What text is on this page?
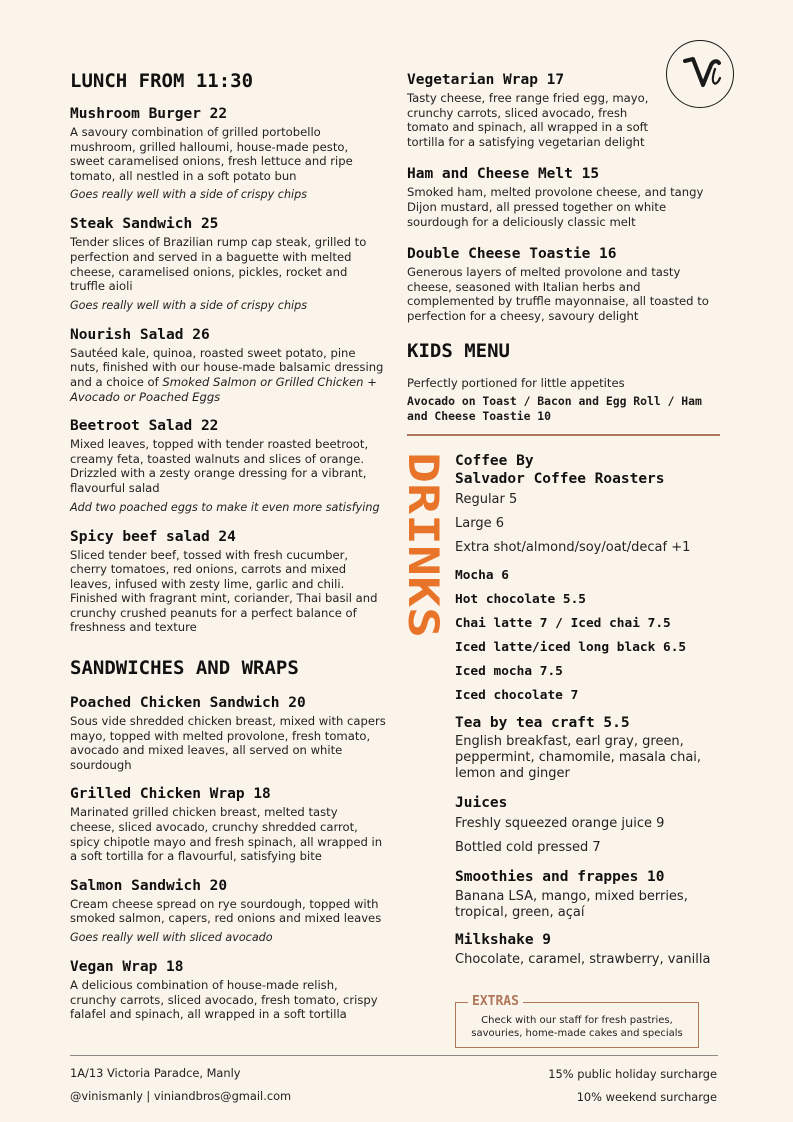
LUNCH FROM 11:30
Mushroom Burger 22
A savoury combination of grilled portobello mushroom, grilled halloumi, house-made pesto, sweet caramelised onions, fresh lettuce and ripe tomato, all nestled in a soft potato bun
Goes really well with a side of crispy chips
Steak Sandwich 25
Tender slices of Brazilian rump cap steak, grilled to perfection and served in a baguette with melted cheese, caramelised onions, pickles, rocket and truffle aioli
Goes really well with a side of crispy chips
Nourish Salad 26
Sautéed kale, quinoa, roasted sweet potato, pine nuts, finished with our house-made balsamic dressing and a choice of Smoked Salmon or Grilled Chicken + Avocado or Poached Eggs
Beetroot Salad 22
Mixed leaves, topped with tender roasted beetroot, creamy feta, toasted walnuts and slices of orange. Drizzled with a zesty orange dressing for a vibrant, flavourful salad
Add two poached eggs to make it even more satisfying
Spicy beef salad 24
Sliced tender beef, tossed with fresh cucumber, cherry tomatoes, red onions, carrots and mixed leaves, infused with zesty lime, garlic and chili. Finished with fragrant mint, coriander, Thai basil and crunchy crushed peanuts for a perfect balance of freshness and texture
SANDWICHES AND WRAPS
Poached Chicken Sandwich 20
Sous vide shredded chicken breast, mixed with capers mayo, topped with melted provolone, fresh tomato, avocado and mixed leaves, all served on white sourdough
Grilled Chicken Wrap 18
Marinated grilled chicken breast, melted tasty cheese, sliced avocado, crunchy shredded carrot, spicy chipotle mayo and fresh spinach, all wrapped in a soft tortilla for a flavourful, satisfying bite
Salmon Sandwich 20
Cream cheese spread on rye sourdough, topped with smoked salmon, capers, red onions and mixed leaves
Goes really well with sliced avocado
Vegan Wrap 18
A delicious combination of house-made relish, crunchy carrots, sliced avocado, fresh tomato, crispy falafel and spinach, all wrapped in a soft tortilla
Vegetarian Wrap 17
Tasty cheese, free range fried egg, mayo, crunchy carrots, sliced avocado, fresh tomato and spinach, all wrapped in a soft tortilla for a satisfying vegetarian delight
Ham and Cheese Melt 15
Smoked ham, melted provolone cheese, and tangy Dijon mustard, all pressed together on white sourdough for a deliciously classic melt
Double Cheese Toastie 16
Generous layers of melted provolone and tasty cheese, seasoned with Italian herbs and complemented by truffle mayonnaise, all toasted to perfection for a cheesy, savoury delight
KIDS MENU
Perfectly portioned for little appetites
Avocado on Toast / Bacon and Egg Roll / Ham and Cheese Toastie 10
DRINKS Coffee By
Salvador Coffee Roasters
Regular 5
Large 6
Extra shot/almond/soy/oat/decaf +1
Mocha 6
Hot chocolate 5.5
Chai latte 7 / Iced chai 7.5
Iced latte/iced long black 6.5
Iced mocha 7.5
Iced chocolate 7
Tea by tea craft 5.5
English breakfast, earl gray, green, peppermint, chamomile, masala chai, lemon and ginger
Juices
Freshly squeezed orange juice 9
Bottled cold pressed 7
Smoothies and frappes 10
Banana LSA, mango, mixed berries, tropical, green, açaí
Milkshake 9
Chocolate, caramel, strawberry, vanilla
EXTRAS
Check with our staff for fresh pastries, savouries, home-made cakes and specials
1A/13 Victoria Paradce, Manly
@vinismanly | viniandbros@gmail.com
15% public holiday surcharge
10% weekend surcharge
